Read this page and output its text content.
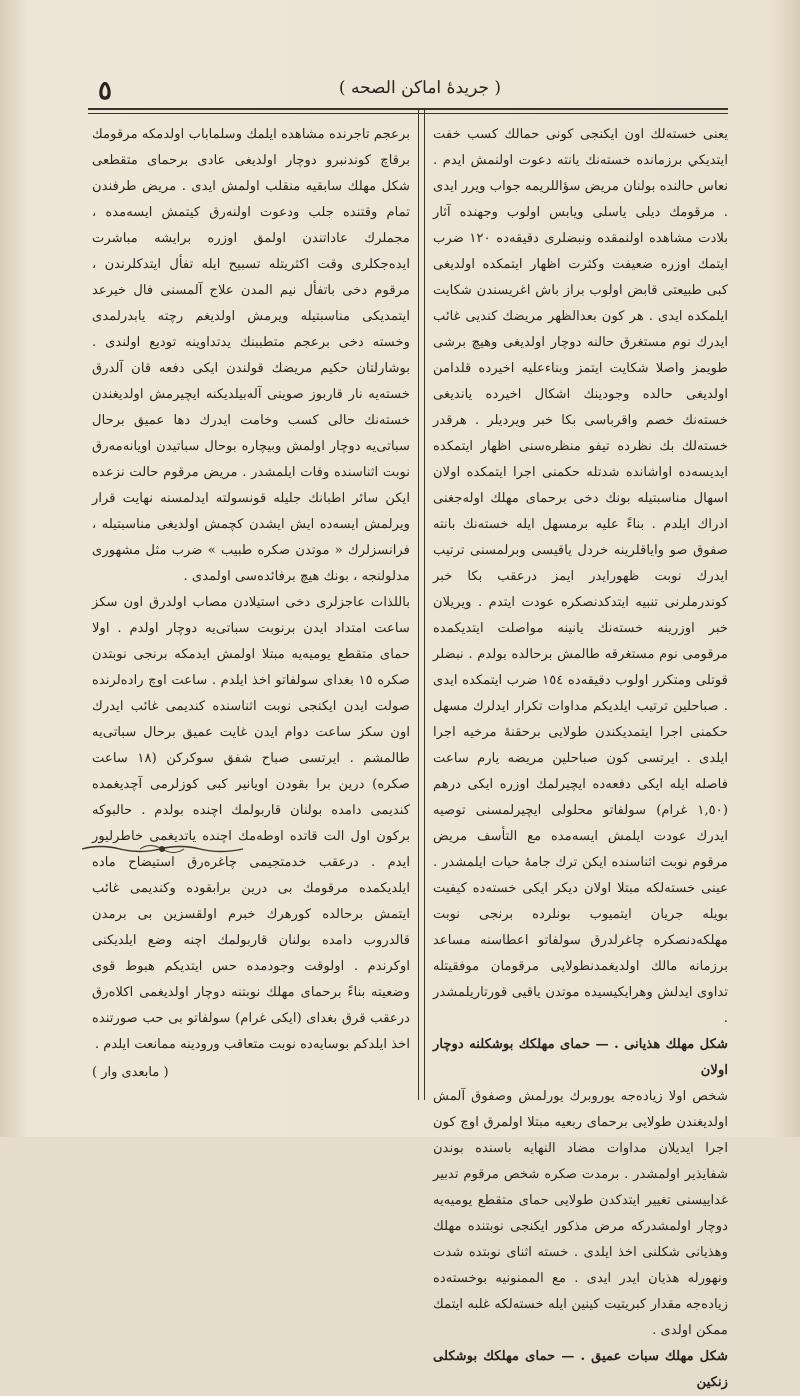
٥	( جريدهٔ اماكن الصحه )

يعنى خسته‌لك اون ايكنجى كونى حمالك كسب خفت ايتديكي برزمانده خسته‌نك يانته دعوت اولنمش ايدم . نعاس حالنده بولنان مريض سؤاللريمه جواب ويرر ايدى . مرقومك ديلى ياسلى ويابس اولوب وجهنده آثار بلادت مشاهده اولنمقده ونبضلرى دقيقه‌ده ١٢٠ ضرب ايتمك اوزره ضعيفت وكثرت اظهار ايتمكده اولديغى كبى طبيعتى قابض اولوب براز باش اغريسندن شكايت ايلمكده ايدى . هر كون بعدالظهر مريضك كنديى غائب ايدرك نوم مستغرق حالنه دوچار اولديغى وهيچ برشى طويمز واصلا شكايت ايتمز وبناءعليه اخيرده قلدامن اولديغى حالده وجودينك اشكال اخيرده يانديغى خسته‌نك خصم واقرباسى بكا خبر ويرديلر . هرقدر خسته‌لك بك نظرده تيفو منظره‌سنى اظهار ايتمكده ايديسه‌ده اواشانده شدتله حكمنى اجرا ايتمكده اولان اسهال مناسبتيله بونك دخى برحماى مهلك اوله‌جغنى ادراك ايلدم . بناءً عليه برمسهل ايله خسته‌نك بانته صفوق صو واياقلرينه خردل ياقيسى وبرلمسنى ترتيب ايدرك نوبت ظهورايدر ايمز درعقب بكا خبر كوندرملرنى تنبيه ايتدكدنصكره عودت ايتدم . ويريلان خبر اوزرينه خسته‌نك يانينه مواصلت ايتديكمده مرقومى نوم مستغرقه طالمش برحالده بولدم . نبضلر قوتلى ومتكرر اولوب دقيقه‌ده ١٥٤ ضرب ايتمكده ايدى . صباحلين ترتيب ايلديكم مداوات تكرار ايدلرك مسهل حكمنى اجرا ايتمديكندن طولايى برحقنهٔ مرخيه اجرا ايلدى . ايرتسى كون صباحلين مريضه يارم ساعت فاصله ايله ايكى دفعه‌ده ايچيرلمك اوزره ايكى درهم (١,٥٠ غرام) سولفاتو محلولى ايچيرلمسنى توصيه ايدرك عودت ايلمش ايسه‌مده مع التأسف مريض مرقوم نوبت اثناسنده ايكن ترك جامهٔ حيات ايلمشدر . عينى خسته‌لكه مبتلا اولان ديكر ايكى خسته‌ده كيفيت بويله جريان ايتميوب بونلرده برنجى نوبت مهلكه‌دنصكره چاغرلدرق سولفاتو اعطاسنه مساعد برزمانه مالك اولديغمدنطولايى مرقومان موفقيتله تداوى ايدلش وهرايكيسيده موتدن ياقيى قورتاريلمشدر .

شكل مهلك هذيانى . — حماى مهلكك بوشكلنه دوچار اولان

شخص اولا زياده‌جه يوروبرك يورلمش وصفوق آلمش اولديغندن طولايى برحماى ربعيه مبتلا اولمرق اوچ كون اجرا ايديلان مداوات مضاد النهايه باسنده بوندن شفايذير اولمشدر . برمدت صكره شخص مرقوم تدبير غداييسنى تغيير ايتدكدن طولايى حماى متقطع يوميه‌يه دوچار اولمشدركه مرض مذكور ايكنجى نوبتنده مهلك وهذيانى شكلنى اخذ ايلدى . خسته اثناى نوبتده شدت ونهورله هذيان ايدر ايدى . مع الممنونيه بوخسته‌ده زياده‌جه مقدار كبريتيت كينين ايله خسته‌لكه غلبه ايتمك ممكن اولدى .

شكل مهلك سبات عميق . — حماى مهلكك بوشكلى زنكين

برعجم تاجرنده مشاهده ايلمك وسلماباب اولدمكه مرقومك برقاچ كوندنبرو دوچار اولديغى عادى برحماى متقطعى شكل مهلك سابقيه منقلب اولمش ايدى . مريض طرفندن تمام وقتنده جلب ودعوت اولنه‌رق كيتمش ايسه‌مده ، مجملرك عاداتندن اولمق اوزره برايشه مباشرت ايده‌جكلرى وقت اكثريتله تسبيح ايله تفأل ايتدكلرندن ، مرقوم دخى باتفأل نيم المدن علاج آلمسنى فال خيرعد ايتمديكى مناسبتيله ويرمش اولديغم رچته يابدرلمدى وخسته دخى برعجم متطببنك يدتداوينه توديع اولندى . بوشارلتان حكيم مريضك قولندن ايكى دفعه قان آلدرق خسته‌يه نار قاربوز صوينى آله‌بيلديكنه ايچيرمش اولديغندن خسته‌نك حالى كسب وخامت ايدرك دها عميق برحال سباتى‌يه دوچار اولمش وبيچاره بوحال سباتيدن اويانه‌مه‌رق نوبت اثناسنده وفات ايلمشدر . مريض مرقوم حالت نزعده ايكن سائر اطبانك جليله قونسولته ايدلمسنه نهايت قرار ويرلمش ايسه‌ده ايش ايشدن كچمش اولديغى مناسبتيله ، فرانسزلرك « موتدن صكره طبيب » ضرب مثل مشهورى مدلولنجه ، بونك هيچ برفائده‌سى اولمدى .

باللذات عاجزلرى دخى استيلادن مصاب اولدرق اون سكز ساعت امتداد ايدن برنوبت سباتى‌يه دوچار اولدم . اولا حماى متقطع يوميه‌يه مبتلا اولمش ايدمكه برنجى نوبتدن صكره ١٥ بغدای سولفاتو اخذ ايلدم . ساعت اوچ راده‌لرنده صولت ايدن ايكنجى نوبت اثناسنده كنديمى غائب ايدرك اون سكز ساعت دوام ايدن غايت عميق برحال سباتى‌يه طالمشم . ايرتسى صباح شفق سوكركن (١٨ ساعت صكره) درين برا بقودن اويانير كبى كوزلرمى آچديغمده كنديمى دامده بولنان قاربولمك اچنده بولدم . حالبوكه بركون اول الت قاتده اوطه‌مك اچنده ياتديغمى خاطرليور ايدم . درعقب خدمتجيمى چاغره‌رق استيضاح ماده ايلديكمده مرقومك بى درين برابقوده وكنديمى غائب ايتمش برحالده كورهرك خبرم اولقسزين بى برمدن قالدروب دامده بولنان قاربولمك اچنه وضع ايلديكنى اوكرندم . اولوقت وجودمده حس ايتديكم هبوط قوى وضعيته بناءً برحماى مهلك نوبتنه دوچار اولديغمى اكلاه‌رق درعقب قرق بغداى (ايكى غرام) سولفاتو بى حب صورتنده اخذ ايلدكم بوسايه‌ده نوبت متعاقب ورودينه ممانعت ايلدم .

( مابعدى وار )
